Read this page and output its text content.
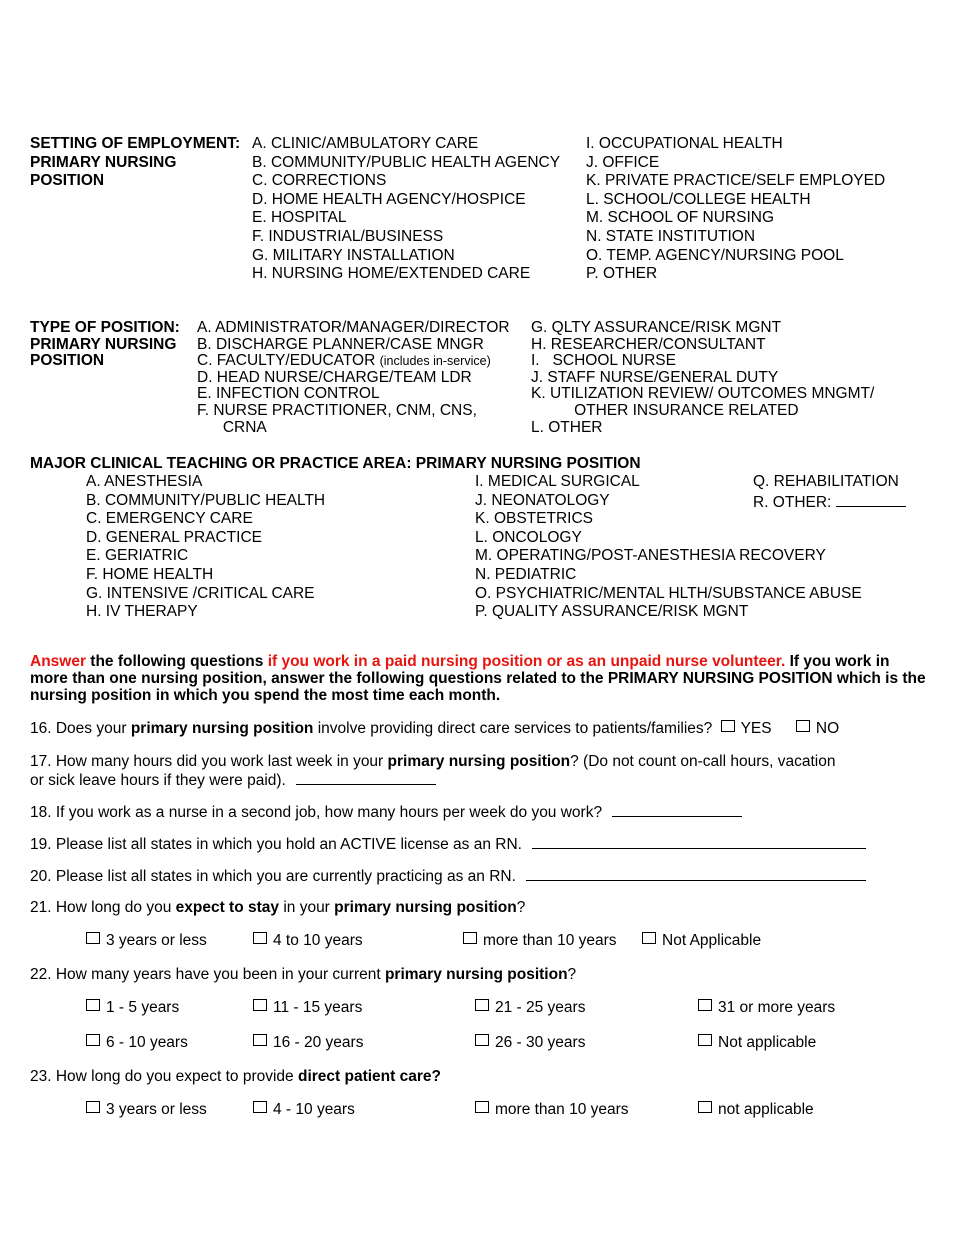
SETTING OF EMPLOYMENT:
PRIMARY NURSING
POSITION
A. CLINIC/AMBULATORY CARE
B. COMMUNITY/PUBLIC HEALTH AGENCY
C. CORRECTIONS
D. HOME HEALTH AGENCY/HOSPICE
E. HOSPITAL
F. INDUSTRIAL/BUSINESS
G. MILITARY INSTALLATION
H. NURSING HOME/EXTENDED CARE
I. OCCUPATIONAL HEALTH
J. OFFICE
K. PRIVATE PRACTICE/SELF EMPLOYED
L. SCHOOL/COLLEGE HEALTH
M. SCHOOL OF NURSING
N. STATE INSTITUTION
O. TEMP. AGENCY/NURSING POOL
P. OTHER
TYPE OF POSITION:
PRIMARY NURSING
POSITION
A. ADMINISTRATOR/MANAGER/DIRECTOR
B. DISCHARGE PLANNER/CASE MNGR
C. FACULTY/EDUCATOR (includes in-service)
D. HEAD NURSE/CHARGE/TEAM LDR
E. INFECTION CONTROL
F. NURSE PRACTITIONER, CNM, CNS,
CRNA
G. QLTY ASSURANCE/RISK MGNT
H. RESEARCHER/CONSULTANT
I.   SCHOOL NURSE
J. STAFF NURSE/GENERAL DUTY
K. UTILIZATION REVIEW/ OUTCOMES MNGMT/
OTHER INSURANCE RELATED
L. OTHER
MAJOR CLINICAL TEACHING OR PRACTICE AREA: PRIMARY NURSING POSITION
A. ANESTHESIA
B. COMMUNITY/PUBLIC HEALTH
C. EMERGENCY CARE
D. GENERAL PRACTICE
E. GERIATRIC
F. HOME HEALTH
G. INTENSIVE /CRITICAL CARE
H. IV THERAPY
I. MEDICAL SURGICAL
J. NEONATOLOGY
K. OBSTETRICS
L. ONCOLOGY
M. OPERATING/POST-ANESTHESIA RECOVERY
N. PEDIATRIC
O. PSYCHIATRIC/MENTAL HLTH/SUBSTANCE ABUSE
P. QUALITY ASSURANCE/RISK MGNT
Q. REHABILITATION
R. OTHER:
Answer the following questions if you work in a paid nursing position or as an unpaid nurse volunteer. If you work in more than one nursing position, answer the following questions related to the PRIMARY NURSING POSITION which is the nursing position in which you spend the most time each month.
16. Does your primary nursing position involve providing direct care services to patients/families? YES	NO
17. How many hours did you work last week in your primary nursing position? (Do not count on-call hours, vacation
or sick leave hours if they were paid).
18. If you work as a nurse in a second job, how many hours per week do you work?
19. Please list all states in which you hold an ACTIVE license as an RN.
20. Please list all states in which you are currently practicing as an RN.
21. How long do you expect to stay in your primary nursing position?
3 years or less	4 to 10 years	more than 10 years	Not Applicable
22. How many years have you been in your current primary nursing position?
1 - 5 years	11 - 15 years	21 - 25 years	31 or more years
6 - 10 years	16 - 20 years	26 - 30 years	Not applicable
23. How long do you expect to provide direct patient care?
3 years or less	4 - 10 years	more than 10 years	not applicable
